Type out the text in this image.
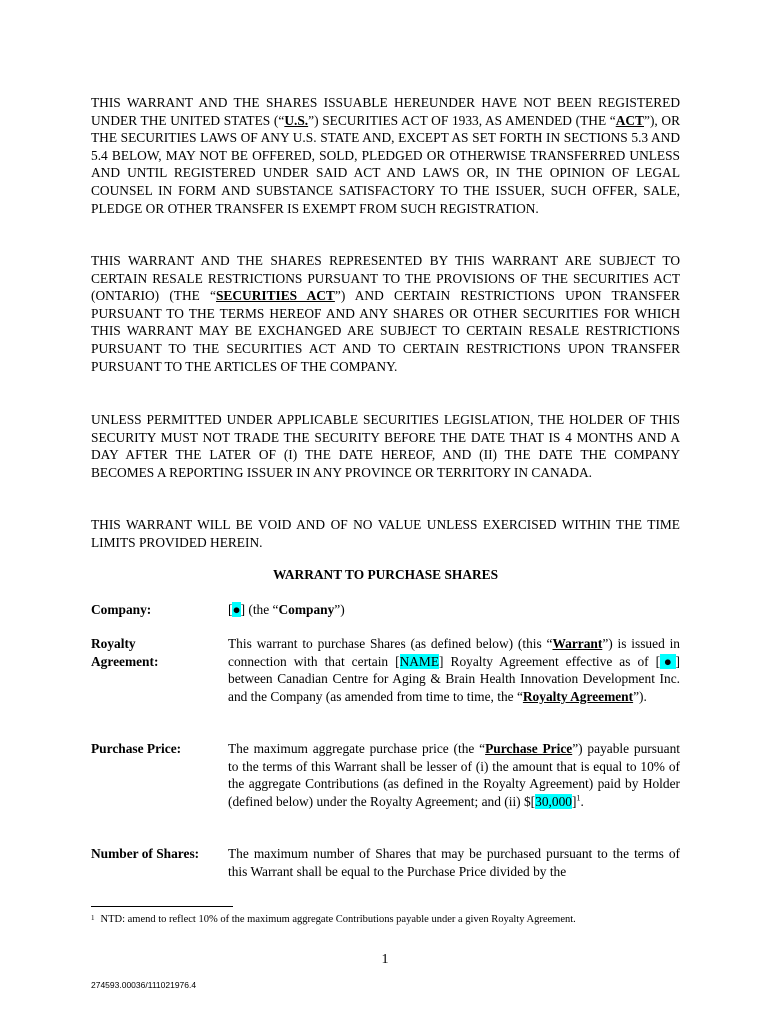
THIS WARRANT AND THE SHARES ISSUABLE HEREUNDER HAVE NOT BEEN REGISTERED UNDER THE UNITED STATES (“U.S.”) SECURITIES ACT OF 1933, AS AMENDED (THE “ACT”), OR THE SECURITIES LAWS OF ANY U.S. STATE AND, EXCEPT AS SET FORTH IN SECTIONS 5.3 AND 5.4 BELOW, MAY NOT BE OFFERED, SOLD, PLEDGED OR OTHERWISE TRANSFERRED UNLESS AND UNTIL REGISTERED UNDER SAID ACT AND LAWS OR, IN THE OPINION OF LEGAL COUNSEL IN FORM AND SUBSTANCE SATISFACTORY TO THE ISSUER, SUCH OFFER, SALE, PLEDGE OR OTHER TRANSFER IS EXEMPT FROM SUCH REGISTRATION.
THIS WARRANT AND THE SHARES REPRESENTED BY THIS WARRANT ARE SUBJECT TO CERTAIN RESALE RESTRICTIONS PURSUANT TO THE PROVISIONS OF THE SECURITIES ACT (ONTARIO) (THE “SECURITIES ACT”) AND CERTAIN RESTRICTIONS UPON TRANSFER PURSUANT TO THE TERMS HEREOF AND ANY SHARES OR OTHER SECURITIES FOR WHICH THIS WARRANT MAY BE EXCHANGED ARE SUBJECT TO CERTAIN RESALE RESTRICTIONS PURSUANT TO THE SECURITIES ACT AND TO CERTAIN RESTRICTIONS UPON TRANSFER PURSUANT TO THE ARTICLES OF THE COMPANY.
UNLESS PERMITTED UNDER APPLICABLE SECURITIES LEGISLATION, THE HOLDER OF THIS SECURITY MUST NOT TRADE THE SECURITY BEFORE THE DATE THAT IS 4 MONTHS AND A DAY AFTER THE LATER OF (I) THE DATE HEREOF, AND (II) THE DATE THE COMPANY BECOMES A REPORTING ISSUER IN ANY PROVINCE OR TERRITORY IN CANADA.
THIS WARRANT WILL BE VOID AND OF NO VALUE UNLESS EXERCISED WITHIN THE TIME LIMITS PROVIDED HEREIN.
WARRANT TO PURCHASE SHARES
Company:	[●] (the “Company”)
Royalty Agreement:
This warrant to purchase Shares (as defined below) (this “Warrant”) is issued in connection with that certain [NAME] Royalty Agreement effective as of [●] between Canadian Centre for Aging & Brain Health Innovation Development Inc. and the Company (as amended from time to time, the “Royalty Agreement”).
Purchase Price:	The maximum aggregate purchase price (the “Purchase Price”) payable pursuant to the terms of this Warrant shall be lesser of (i) the amount that is equal to 10% of the aggregate Contributions (as defined in the Royalty Agreement) paid by Holder (defined below) under the Royalty Agreement; and (ii) $[30,000]$^1$.
Number of Shares:	The maximum number of Shares that may be purchased pursuant to the terms of this Warrant shall be equal to the Purchase Price divided by the
$^1$ NTD: amend to reflect 10% of the maximum aggregate Contributions payable under a given Royalty Agreement.
1
274593.00036/111021976.4
